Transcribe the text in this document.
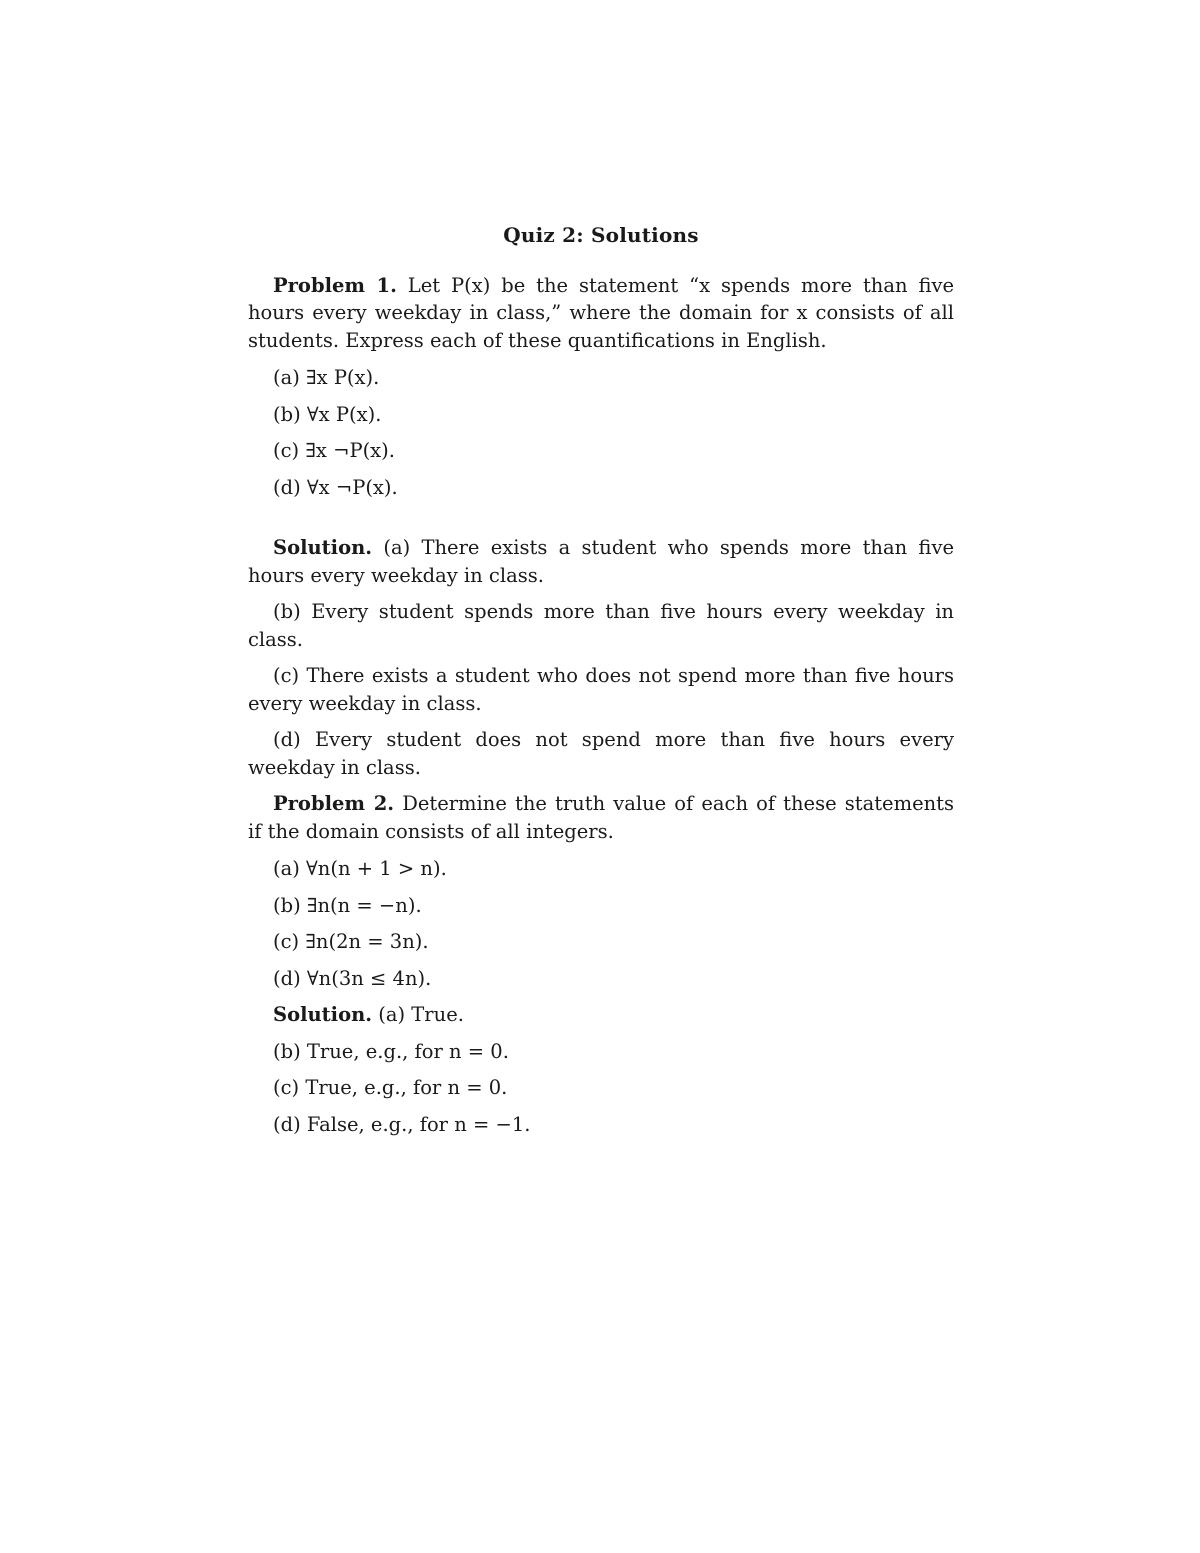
Quiz 2: Solutions

Problem 1. Let P(x) be the statement “x spends more than five hours every weekday in class,” where the domain for x consists of all students. Express each of these quantifications in English.

(a) ∃x P(x).

(b) ∀x P(x).

(c) ∃x ¬P(x).

(d) ∀x ¬P(x).

Solution. (a) There exists a student who spends more than five hours every weekday in class.

(b) Every student spends more than five hours every weekday in class.

(c) There exists a student who does not spend more than five hours every weekday in class.

(d) Every student does not spend more than five hours every weekday in class.

Problem 2. Determine the truth value of each of these statements if the domain consists of all integers.

(a) ∀n(n + 1 > n).

(b) ∃n(n = −n).

(c) ∃n(2n = 3n).

(d) ∀n(3n ≤ 4n).

Solution. (a) True.

(b) True, e.g., for n = 0.

(c) True, e.g., for n = 0.

(d) False, e.g., for n = −1.
